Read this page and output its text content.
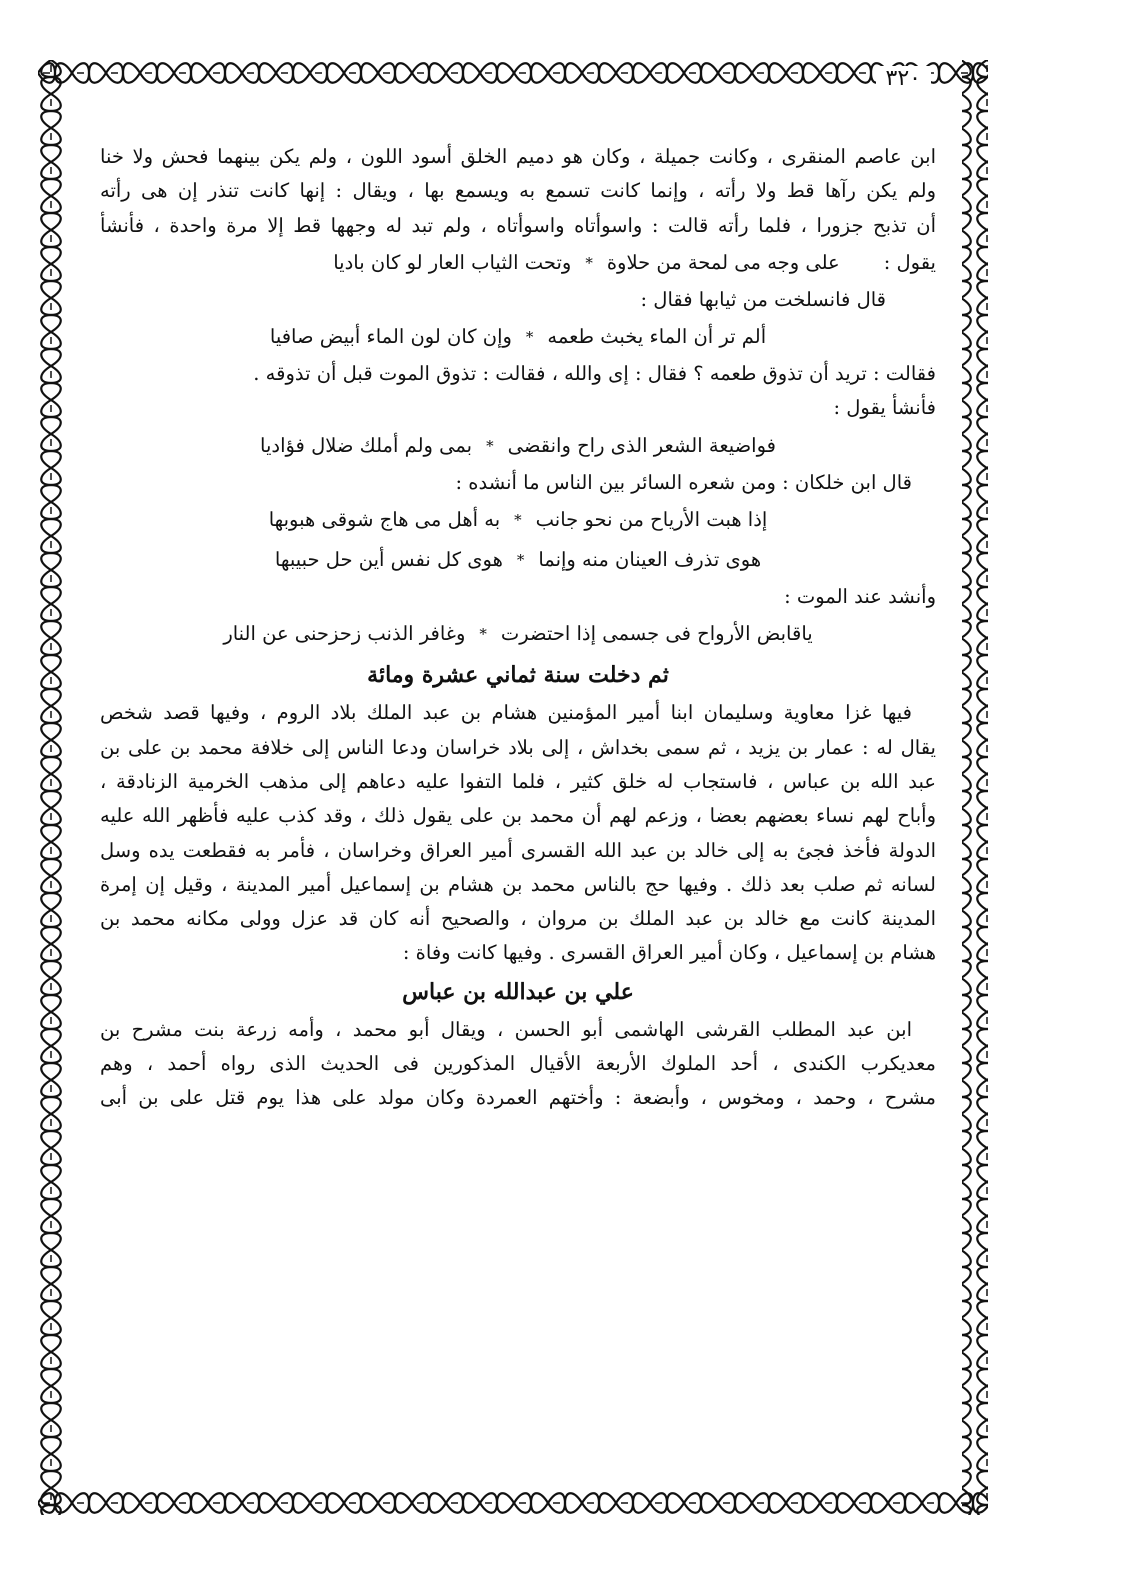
٣٢٠
ابن عاصم المنقرى ، وكانت جميلة ، وكان هو دميم الخلق أسود اللون ، ولم يكن بينهما فحش ولا خنا
ولم يكن رآها قط ولا رأته ، وإنما كانت تسمع به ويسمع بها ، ويقال : إنها كانت تنذر إن هى رأته
أن تذبح جزورا ، فلما رأته قالت : واسوأتاه واسوأتاه ، ولم تبد له وجهها قط إلا مرة واحدة ، فأنشأ
يقول :
على وجه مى لمحة من حلاوة
*
وتحت الثياب العار لو كان باديا
قال فانسلخت من ثيابها فقال :
ألم تر أن الماء يخبث طعمه
*
وإن كان لون الماء أبيض صافيا
فقالت : تريد أن تذوق طعمه ؟ فقال : إى والله ، فقالت : تذوق الموت قبل أن تذوقه .
فأنشأ يقول :
فواضيعة الشعر الذى راح وانقضى
*
بمى ولم أملك ضلال فؤاديا
قال ابن خلكان : ومن شعره السائر بين الناس ما أنشده :
إذا هبت الأرياح من نحو جانب
*
به أهل مى هاج شوقى هبوبها
هوى تذرف العينان منه وإنما
*
هوى كل نفس أين حل حبيبها
وأنشد عند الموت :
ياقابض الأرواح فى جسمى إذا احتضرت
*
وغافر الذنب زحزحنى عن النار
ثم دخلت سنة ثماني عشرة ومائة
فيها غزا معاوية وسليمان ابنا أمير المؤمنين هشام بن عبد الملك بلاد الروم ، وفيها قصد شخص
يقال له : عمار بن يزيد ، ثم سمى بخداش ، إلى بلاد خراسان ودعا الناس إلى خلافة محمد بن على بن
عبد الله بن عباس ، فاستجاب له خلق كثير ، فلما التفوا عليه دعاهم إلى مذهب الخرمية الزنادقة ،
وأباح لهم نساء بعضهم بعضا ، وزعم لهم أن محمد بن على يقول ذلك ، وقد كذب عليه فأظهر الله عليه
الدولة فأخذ فجئ به إلى خالد بن عبد الله القسرى أمير العراق وخراسان ، فأمر به فقطعت يده وسل
لسانه ثم صلب بعد ذلك . وفيها حج بالناس محمد بن هشام بن إسماعيل أمير المدينة ، وقيل إن إمرة
المدينة كانت مع خالد بن عبد الملك بن مروان ، والصحيح أنه كان قد عزل وولى مكانه محمد بن
هشام بن إسماعيل ، وكان أمير العراق القسرى . وفيها كانت وفاة :
علي بن عبدالله بن عباس
ابن عبد المطلب القرشى الهاشمى أبو الحسن ، ويقال أبو محمد ، وأمه زرعة بنت مشرح بن
معديكرب الكندى ، أحد الملوك الأربعة الأقيال المذكورين فى الحديث الذى رواه أحمد ، وهم
مشرح ، وحمد ، ومخوس ، وأبضعة : وأختهم العمردة وكان مولد على هذا يوم قتل على بن أبى
